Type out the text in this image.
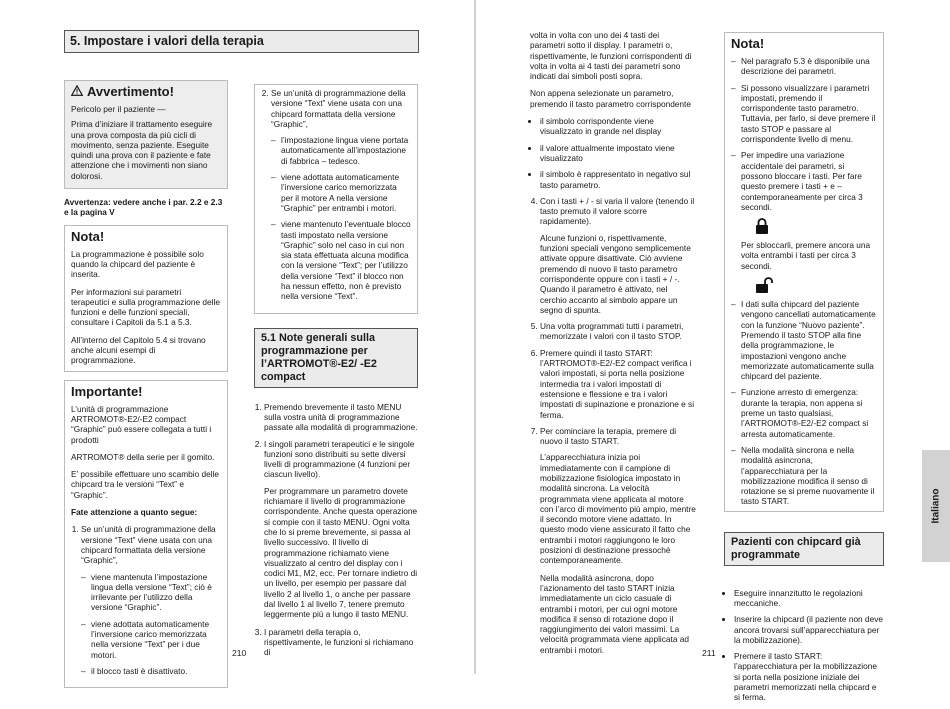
5. Impostare i valori della terapia
Avvertimento!

Pericolo per il paziente —

Prima d’iniziare il trattamento eseguire una prova composta da più cicli di movimento, senza paziente. Eseguite quindi una prova con il paziente e fate attenzione che i movimenti non siano dolorosi.

Avvertenza: vedere anche i par. 2.2 e 2.3 e la pagina V

Nota!

La programmazione è possibile solo quando la chipcard del paziente è inserita.

Per informazioni sui parametri terapeutici e sulla programmazione delle funzioni e delle funzioni speciali, consultare i Capitoli da 5.1 a 5.3.

All’interno del Capitolo 5.4 si trovano anche alcuni esempi di programmazione.

Importante!

L’unità di programmazione ARTROMOT®-E2/-E2 compact “Graphic” può essere collegata a tutti i prodotti

ARTROMOT® della serie per il gomito.

E’ possibile effettuare uno scambio delle chipcard tra le versioni “Text” e “Graphic”.

Fate attenzione a quanto segue:

1. Se un’unità di programmazione della versione “Text” viene usata con una chipcard formattata della versione “Graphic”,
– viene mantenuta l’impostazione lingua della versione “Text”; ciò è irrilevante per l’utilizzo della versione “Graphic”.
– viene adottata automaticamente l’inversione carico memorizzata nella versione “Text” per i due motori.
– il blocco tasti è disattivato.
2. Se un’unità di programmazione della versione “Text” viene usata con una chipcard formattata della versione “Graphic”,
– l’impostazione lingua viene portata automaticamente all’impostazione di fabbrica – tedesco.
– viene adottata automaticamente l’inversione carico memorizzata per il motore A nella versione “Graphic” per entrambi i motori.
– viene mantenuto l’eventuale blocco tasti impostato nella versione “Graphic” solo nel caso in cui non sia stata effettuata alcuna modifica con la versione “Text”; per l’utilizzo della versione “Text” il blocco non ha nessun effetto, non è previsto nella versione “Text”.
5.1 Note generali sulla programmazione per l’ARTROMOT®-E2/ -E2 compact
1. Premendo brevemente il tasto MENU sulla vostra unità di programmazione passate alla modalità di programmazione.
2. I singoli parametri terapeutici e le singole funzioni sono distribuiti su sette diversi livelli di programmazione (4 funzioni per ciascun livello).

Per programmare un parametro dovete richiamare il livello di programmazione corrispondente. Anche questa operazione si compie con il tasto MENU. Ogni volta che lo si preme brevemente, si passa al livello successivo. Il livello di programmazione richiamato viene visualizzato al centro del display con i codici M1, M2, ecc. Per tornare indietro di un livello, per esempio per passare dal livello 2 al livello 1, o anche per passare dal livello 1 al livello 7, tenere premuto leggermente più a lungo il tasto MENU.

3. I parametri della terapia o, rispettivamente, le funzioni si richiamano di
210

volta in volta con uno dei 4 tasti dei parametri sotto il display. I parametri o, rispettivamente, le funzioni corrispondenti di volta in volta ai 4 tasti dei parametri sono indicati dai simboli posti sopra.

Non appena selezionate un parametro, premendo il tasto parametro corrispondente

• il simbolo corrispondente viene visualizzato in grande nel display
• il valore attualmente impostato viene visualizzato
• il simbolo è rappresentato in negativo sul tasto parametro.
4. Con i tasti + / - si varia il valore (tenendo il tasto premuto il valore scorre rapidamente).

Alcune funzioni o, rispettivamente, funzioni speciali vengono semplicemente attivate oppure disattivate. Ciò avviene premendo di nuovo il tasto parametro corrispondente oppure con i tasti + / -. Quando il parametro è attivato, nel cerchio accanto al simbolo appare un segno di spunta.

5. Una volta programmati tutti i parametri, memorizzate i valori con il tasto STOP.
6. Premere quindi il tasto START: l’ARTROMOT®-E2/-E2 compact verifica i valori impostati, si porta nella posizione intermedia tra i valori impostati di estensione e flessione e tra i valori impostati di supinazione e pronazione e si ferma.
7. Per cominciare la terapia, premere di nuovo il tasto START.

L’apparecchiatura inizia poi immediatamente con il campione di mobilizzazione fisiologica impostato in modalità sincrona. La velocità programmata viene applicata al motore con l’arco di movimento più ampio, mentre il secondo motore viene adattato. In questo modo viene assicurato il fatto che entrambi i motori raggiungono le loro posizioni di destinazione pressoché contemporaneamente.

Nella modalità asincrona, dopo l’azionamento del tasto START inizia immediatamente un ciclo casuale di entrambi i motori, per cui ogni motore modifica il senso di rotazione dopo il raggiungimento dei valori massimi. La velocità programmata viene applicata ad entrambi i motori.

Nota!
– Nel paragrafo 5.3 è disponibile una descrizione dei parametri.
– Si possono visualizzare i parametri impostati, premendo il corrispondente tasto parametro. Tuttavia, per farlo, si deve premere il tasto STOP e passare al corrispondente livello di menu.
– Per impedire una variazione accidentale dei parametri, si possono bloccare i tasti. Per fare questo premere i tasti + e – contemporaneamente per circa 3 secondi.
Per sbloccarli, premere ancora una volta entrambi i tasti per circa 3 secondi.
– I dati sulla chipcard del paziente vengono cancellati automaticamente con la funzione “Nuovo paziente”. Premendo il tasto STOP alla fine della programmazione, le impostazioni vengono anche memorizzate automaticamente sulla chipcard del paziente.
– Funzione arresto di emergenza: durante la terapia, non appena si preme un tasto qualsiasi, l’ARTROMOT®-E2/-E2 compact si arresta automaticamente.
– Nella modalità sincrona e nella modalità asincrona, l’apparecchiatura per la mobilizzazione modifica il senso di rotazione se si preme nuovamente il tasto START.
Pazienti con chipcard già programmate
• Eseguire innanzitutto le regolazioni meccaniche.
• Inserire la chipcard (il paziente non deve ancora trovarsi sull’apparecchiatura per la mobilizzazione).
• Premere il tasto START: l’apparecchiatura per la mobilizzazione si porta nella posizione iniziale dei parametri memorizzati nella chipcard e si ferma.
Italiano
211
